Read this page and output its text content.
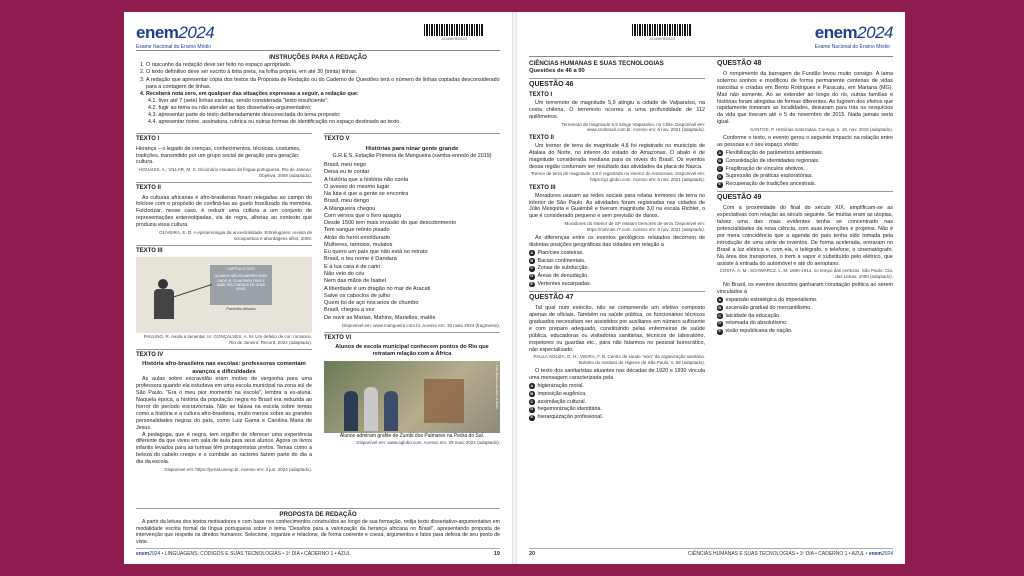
enem2024
Exame Nacional do Ensino Médio
1234567890123
INSTRUÇÕES PARA A REDAÇÃO
1. O rascunho da redação deve ser feito no espaço apropriado.
2. O texto definitivo deve ser escrito à tinta preta, na folha própria, em até 30 (trinta) linhas.
3. A redação que apresentar cópia dos textos da Proposta de Redação ou do Caderno de Questões terá o número de linhas copiadas desconsiderado para a contagem de linhas.
4. Receberá nota zero, em qualquer das situações expressas a seguir, a redação que:
4.1. tiver até 7 (sete) linhas escritas, sendo considerada "texto insuficiente";
4.2. fugir ao tema ou não atender ao tipo dissertativo-argumentativo;
4.3. apresentar parte do texto deliberadamente desconectada do tema proposto;
4.4. apresentar nome, assinatura, rubrica ou outras formas de identificação no espaço destinado ao texto.
TEXTO I

Herança – o legado de crenças, conhecimentos, técnicas, costumes, tradições, transmitido por um grupo social de geração para geração; cultura.

HOUAISS, A.; VILLAR, M. S. Dicionário Houaiss da língua portuguesa. Rio de Janeiro: Objetiva, 2009 (adaptado).
TEXTO II

As culturas africanas e afro-brasileiras foram relegadas ao campo do folclore com o propósito de confiná-las ao gueto fossilizado da memória. Folclorizar, nesse caso, é reduzir uma cultura a um conjunto de representações estereotipadas, via de regra, alheias ao contexto que produziu essa cultura.

OLIVEIRA, E. D. A epistemologia da ancestralidade. Entrelugares: revista de sociopoética e abordagens afins, 2009.
TEXTO III
CAPÍTULO OITO
QUANDO NÃO SOUBERES PARA ONDE IR, OLHA PARA TRÁS E SABE PELO MENOS DE ONDE VENS.
Provérbio africano
PAULINO, R. Ainda a lamentar. In: GONÇALVES, A. M. Um defeito de cor: romance. Rio de Janeiro: Record, 2024 (adaptado).
TEXTO IV
História afro-brasileira nas escolas: professoras comentam avanços e dificuldades

As aulas sobre escravidão eram motivo de vergonha para uma professora quando ela estudava em uma escola municipal na zona sul de São Paulo. "Era o meu pior momento na escola", lembra a ex-aluna. Naquela época, a história da população negra no Brasil era reduzida ao horror do período escravocrata. Não se falava na escola sobre temas como a história e a cultura afro-brasileira, muito menos sobre as grandes personalidades negras do país, como Luiz Gama e Carolina Maria de Jesus.

A pedagoga, que é negra, tem orgulho de oferecer uma experiência diferente da que viveu em sala de aula para seus alunos. Agora os livros infantis levados para as turmas têm protagonistas pretos. Temas como a beleza do cabelo crespo e o combate ao racismo fazem parte do dia a dia da escola.

Disponível em: https://jornal.unesp.br. Acesso em: 3 jun. 2024 (adaptado).
TEXTO V
Histórias para ninar gente grande
G.R.E.S. Estação Primeira de Mangueira (samba-enredo de 2019)
Brasil, meu nego
Deixa eu te contar
A história que a história não conta
O avesso do mesmo lugar
Na luta é que a gente se encontra
Brasil, meu dengo
A Mangueira chegou
Com versos que o livro apagou
Desde 1500 tem mais invasão do que descobrimento
Tem sangue retinto pisado
Atrás do herói emoldurado
Mulheres, tamoios, mulatos
Eu quero um país que não está no retrato
Brasil, o teu nome é Dandara
E a tua cara é de cariri
Não veio do céu
Nem das mãos de Isabel
A liberdade é um dragão no mar de Aracati
Salve os caboclos de julho
Quem foi de aço nos anos de chumbo
Brasil, chegou a vez
De ouvir as Marias, Mahins, Marielles, malês
Disponível em: www.mangueira.com.br. Acesso em: 30 maio 2024 (fragmento).
TEXTO VI
Alunos de escola municipal conhecem pontos do Rio que retratam relação com a África
Foto: Marcos Carvalho / O Globo
Alunos admiram grafite de Zumbi dos Palmares na Pedra do Sal.
Disponível em: www.oglobo.com. Acesso em: 29 maio 2024 (adaptado).
PROPOSTA DE REDAÇÃO

A partir da leitura dos textos motivadores e com base nos conhecimentos construídos ao longo de sua formação, redija texto dissertativo-argumentativo em modalidade escrita formal da língua portuguesa sobre o tema "Desafios para a valorização da herança africana no Brasil", apresentando proposta de intervenção que respeite os direitos humanos. Selecione, organize e relacione, de forma coerente e coesa, argumentos e fatos para defesa de seu ponto de vista.

enem2024 • LINGUAGENS, CÓDIGOS E SUAS TECNOLOGIAS • 1º DIA • CADERNO 1 • AZUL	19
1234567890123	enem2024
Exame Nacional do Ensino Médio
CIÊNCIAS HUMANAS E SUAS TECNOLOGIAS
Questões de 46 a 90
QUESTÃO 46
TEXTO I

Um terremoto de magnitude 5,9 atingiu a cidade de Valparaíso, na costa chilena. O terremoto ocorreu a uma profundidade de 112 quilômetros.

Terremoto de magnitude 5,9 atinge Valparaíso, no Chile. Disponível em: www.cnnbrasil.com.br. Acesso em: 6 nov. 2021 (adaptado).
TEXTO II

Um tremor de terra de magnitude 4,8 foi registrado no município de Atalaia do Norte, no interior do estado do Amazonas. O abalo é de magnitude considerada mediana para os níveis do Brasil. Os eventos dessa região costumam ser resultado das atividades da placa de Nazca.

Tremor de terra de magnitude 4,8 é registrado no interior do Amazonas. Disponível em: https://g1.globo.com. Acesso em: 6 nov. 2021 (adaptado).
TEXTO III

Moradores usaram as redes sociais para relatar tremores de terra no interior de São Paulo. As atividades foram registradas nas cidades de Júlio Mesquita e Guaimbê e tiveram magnitude 3,0 na escala Richter, o que é considerado pequeno e sem previsão de danos.

Moradores do interior de SP relatam tremores de terra. Disponível em: https://noticias.r7.com. Acesso em: 6 nov. 2021 (adaptado).

As diferenças entre os eventos geológicos relatados decorrem de distintas posições geográficas das cidades em relação a

A Planícies costeiras.
B Bacias continentais.
C Zonas de subducção.
D Áreas de denudação.
E Vertentes escarpadas.
QUESTÃO 47

Tal qual num exército, não se compreende um efetivo composto apenas de oficiais. Também na saúde pública, os funcionários técnicos graduados necessitam ser assistidos por auxiliares em número suficiente e com preparo adequado, constituindo pelas enfermeiras de saúde pública, educadoras ou visitadoras sanitárias, técnicos de laboratório, inspetores ou guardas etc., para não falarmos no pessoal burocrático, não especializado.

PAULA SOUZA, G. H.; VIEIRA, F. B. Centro de saúde "eixo" da organização sanitária. Boletim do Instituto de Higiene de São Paulo, n. 59 (adaptado).

O texto dos sanitaristas atuantes nas décadas de 1920 e 1930 vincula uma mensagem caracterizada pela

A higienização moral.
B imposição eugênica.
C assimilação cultural.
D hegemonização identitária.
E hierarquização profissional.
QUESTÃO 48

O rompimento da barragem de Fundão levou muito consigo. A lama soterrou sonhos e modificou de forma permanente centenas de vidas nascidas e criadas em Bento Rodrigues e Paracatu, em Mariana (MG). Mas não somente. Ao se estender ao longo do rio, outras famílias e histórias foram atingidas de formas diferentes. Ao fugirem dos efeitos que rapidamente tomaram as localidades, deixaram para trás os resquícios da vida que tiveram até o 5 de novembro de 2015. Nada jamais seria igual.

SANTOS, P. Histórias soterradas. Curinga, n. 19, nov. 2016 (adaptado).

Conforme o texto, o evento gerou o seguinte impacto na relação entre as pessoas e o seu espaço vivido:

A Flexibilização de parâmetros ambientais.
B Consolidação de identidades regionais.
C Fragilização de vínculos afetivos.
D Supressão de práticas exploratórias.
E Recuperação de tradições ancestrais.
QUESTÃO 49

Com a proximidade do final do século XIX, amplificam-se as expectativas com relação ao século seguinte. Se muitas eram as utopias, talvez uma das mais evidentes tenha se concentrado nas potencialidades da nova ciência, com suas invenções e projetos. Não é por mera coincidência que a agenda do país tenha sido tomada pela introdução de uma série de inventos. De forma acelerada, entraram no Brasil a luz elétrica e, com ela, o telégrafo, o telefone, o cinematógrafo. Na área dos transportes, o trem a vapor é substituído pelo elétrico, que assiste à entrada do automóvel e até do aeroplano.

COSTA, A. M.; SCHWARCZ, L. M. 1890-1914, no tempo das certezas. São Paulo: Cia. das Letras, 2000 (adaptado).

No Brasil, os eventos descritos ganharam conotação política ao serem vinculados à

A expansão estratégica do imperialismo.
B ascensão gradual do mercantilismo.
C laicidade da educação.
D retomada do absolutismo.
E visão republicana de nação.
20	CIÊNCIAS HUMANAS E SUAS TECNOLOGIAS • 1º DIA • CADERNO 1 • AZUL • enem2024
